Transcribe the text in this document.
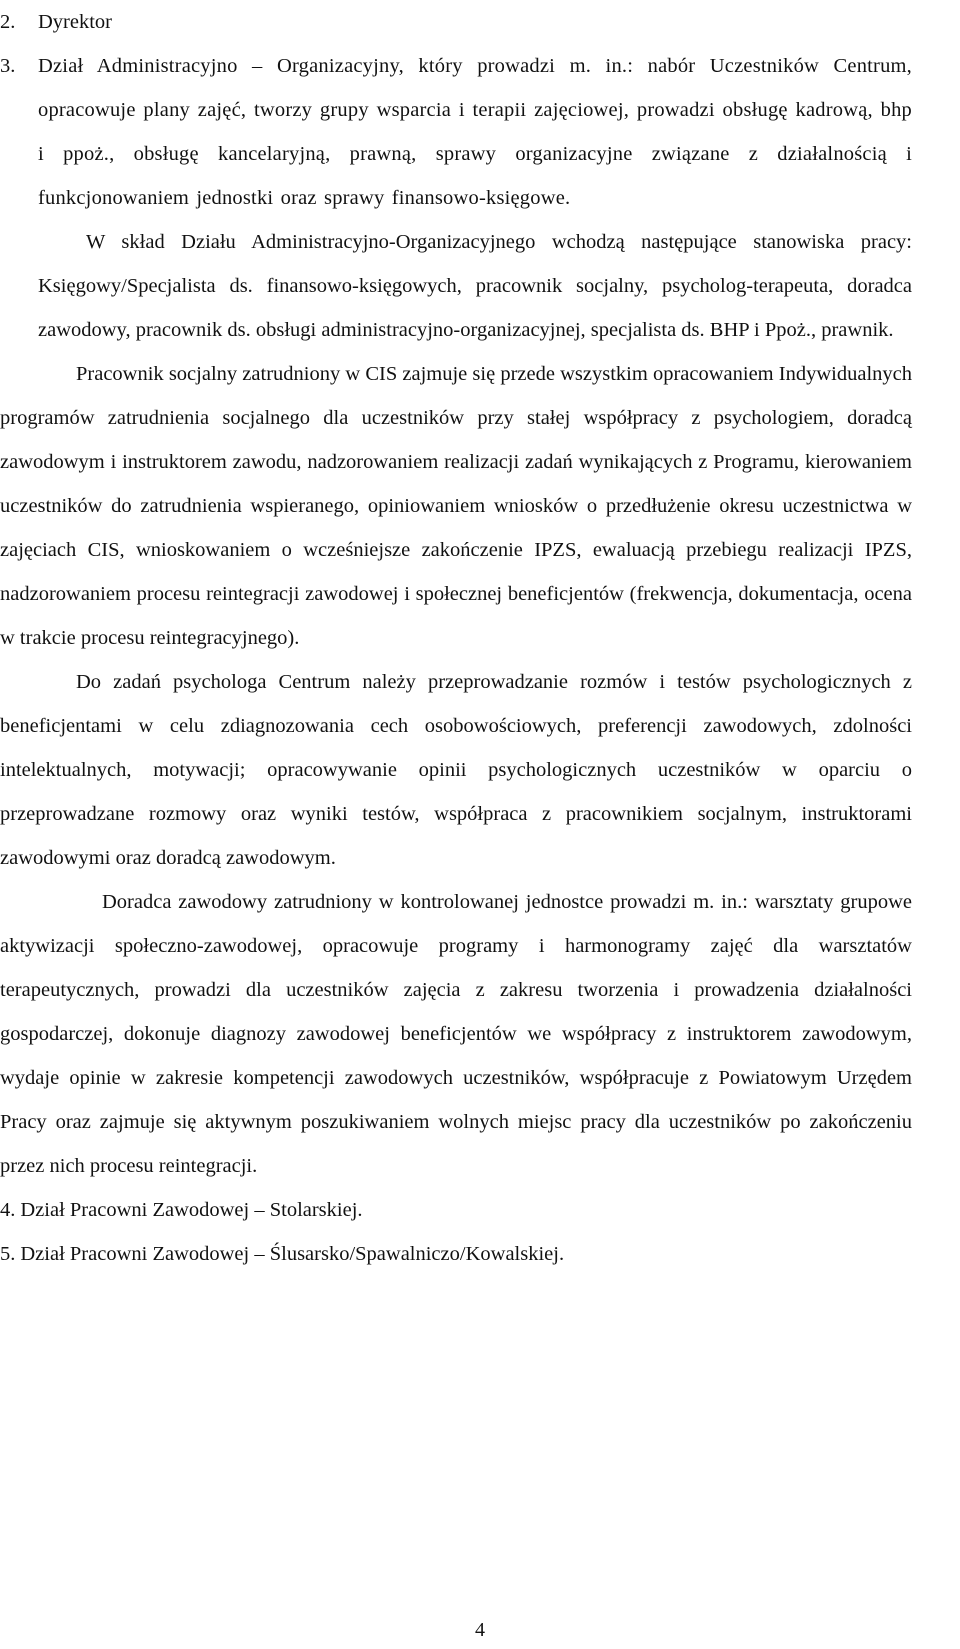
2.	Dyrektor
3.	Dział Administracyjno – Organizacyjny, który prowadzi m. in.: nabór Uczestników Centrum, opracowuje plany zajęć, tworzy grupy wsparcia i terapii zajęciowej, prowadzi obsługę kadrową, bhp i ppoż., obsługę kancelaryjną, prawną, sprawy organizacyjne związane z działalnością i funkcjonowaniem jednostki oraz sprawy finansowo-księgowe.
W skład Działu Administracyjno-Organizacyjnego wchodzą następujące stanowiska pracy: Księgowy/Specjalista ds. finansowo-księgowych, pracownik socjalny, psycholog-terapeuta, doradca zawodowy, pracownik ds. obsługi administracyjno-organizacyjnej, specjalista ds. BHP i Ppoż., prawnik.
Pracownik socjalny zatrudniony w CIS zajmuje się przede wszystkim opracowaniem Indywidualnych programów zatrudnienia socjalnego dla uczestników przy stałej współpracy z psychologiem, doradcą zawodowym i instruktorem zawodu, nadzorowaniem realizacji zadań wynikających z Programu, kierowaniem uczestników do zatrudnienia wspieranego, opiniowaniem wniosków o przedłużenie okresu uczestnictwa w zajęciach CIS, wnioskowaniem o wcześniejsze zakończenie IPZS, ewaluacją przebiegu realizacji IPZS, nadzorowaniem procesu reintegracji zawodowej i społecznej beneficjentów (frekwencja, dokumentacja, ocena w trakcie procesu reintegracyjnego).
Do zadań psychologa Centrum należy przeprowadzanie rozmów i testów psychologicznych z beneficjentami w celu zdiagnozowania cech osobowościowych, preferencji zawodowych, zdolności intelektualnych, motywacji; opracowywanie opinii psychologicznych uczestników w oparciu o przeprowadzane rozmowy oraz wyniki testów, współpraca z pracownikiem socjalnym, instruktorami zawodowymi oraz doradcą zawodowym.
Doradca zawodowy zatrudniony w kontrolowanej jednostce prowadzi m. in.: warsztaty grupowe aktywizacji społeczno-zawodowej, opracowuje programy i harmonogramy zajęć dla warsztatów terapeutycznych, prowadzi dla uczestników zajęcia z zakresu tworzenia i prowadzenia działalności gospodarczej, dokonuje diagnozy zawodowej beneficjentów we współpracy z instruktorem zawodowym, wydaje opinie w zakresie kompetencji zawodowych uczestników, współpracuje z Powiatowym Urzędem Pracy oraz zajmuje się aktywnym poszukiwaniem wolnych miejsc pracy dla uczestników po zakończeniu przez nich procesu reintegracji.
4. Dział Pracowni Zawodowej – Stolarskiej.
5. Dział Pracowni Zawodowej – Ślusarsko/Spawalniczo/Kowalskiej.
4
